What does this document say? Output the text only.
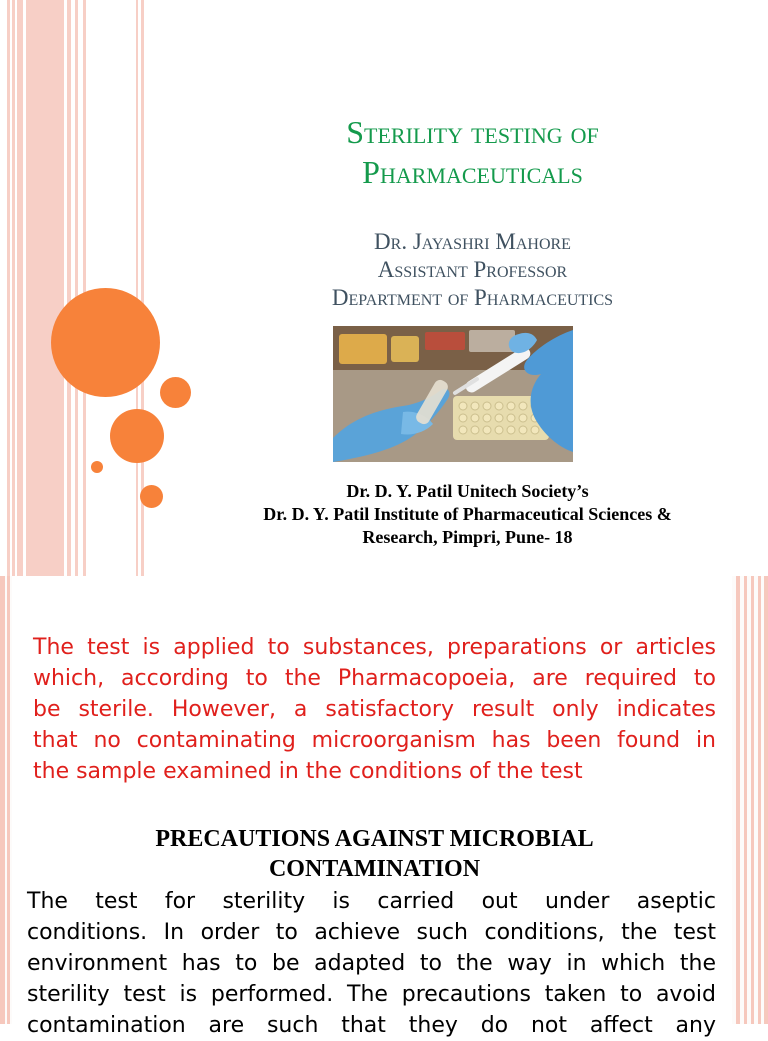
Sterility testing of
Pharmaceuticals
Dr. Jayashri Mahore
Assistant Professor
Department of Pharmaceutics
Dr. D. Y. Patil Unitech Society’s
Dr. D. Y. Patil Institute of Pharmaceutical Sciences &
Research, Pimpri, Pune- 18
The test is applied to substances, preparations or articles
which, according to the Pharmacopoeia, are required to
be sterile. However, a satisfactory result only indicates
that no contaminating microorganism has been found in
the sample examined in the conditions of the test
PRECAUTIONS AGAINST MICROBIAL
CONTAMINATION
The test for sterility is carried out under aseptic
conditions. In order to achieve such conditions, the test
environment has to be adapted to the way in which the
sterility test is performed. The precautions taken to avoid
contamination are such that they do not affect any
